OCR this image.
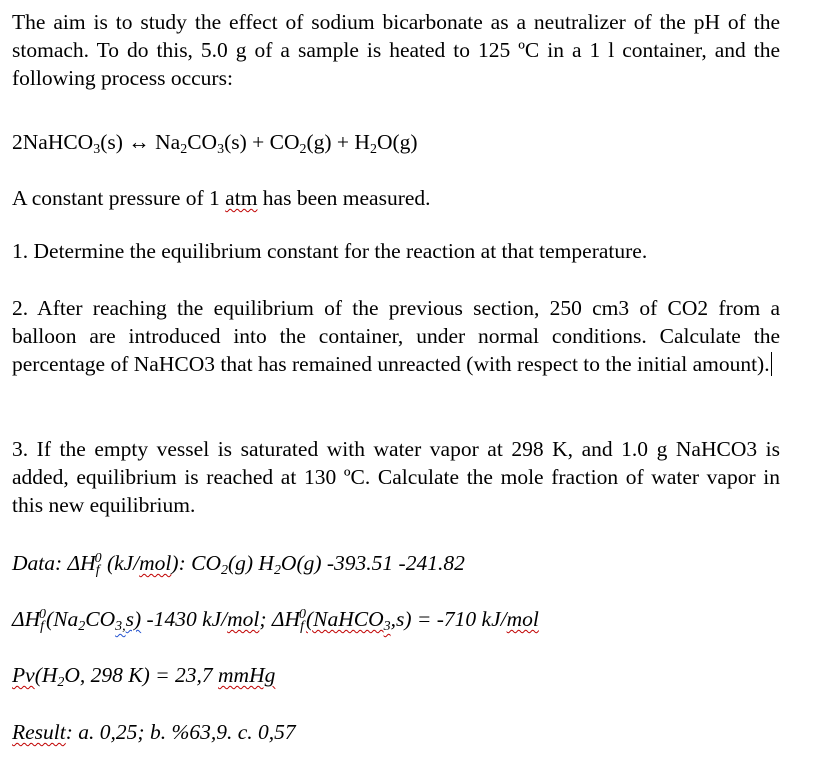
The aim is to study the effect of sodium bicarbonate as a neutralizer of the pH of the stomach. To do this, 5.0 g of a sample is heated to 125 ºC in a 1 l container, and the following process occurs:

2NaHCO$_3$(s) ↔ $Na_2CO_3(s) + CO_2(g) + H_2O(g)$

A constant pressure of 1 atm has been measured.

1. Determine the equilibrium constant for the reaction at that temperature.

2. After reaching the equilibrium of the previous section, 250 cm3 of CO2 from a balloon are introduced into the container, under normal conditions. Calculate the percentage of NaHCO3 that has remained unreacted (with respect to the initial amount).

3. If the empty vessel is saturated with water vapor at 298 K, and 1.0 g NaHCO3 is added, equilibrium is reached at 130 ºC. Calculate the mole fraction of water vapor in this new equilibrium.

Data: $\Delta H_f^0$ (kJ/mol): $CO_2(g)$ $H_2O(g)$ -393.51 -241.82

$\Delta H_f^0(Na_2CO_{3,}s)$ -1430 kJ/mol; $\Delta H_f^0(NaHCO_3,s) = -710$ kJ/mol

$Pv(H_2O$, 298 K) = 23,7 mmHg

Result: a. 0,25; b. %63,9. c. 0,57
